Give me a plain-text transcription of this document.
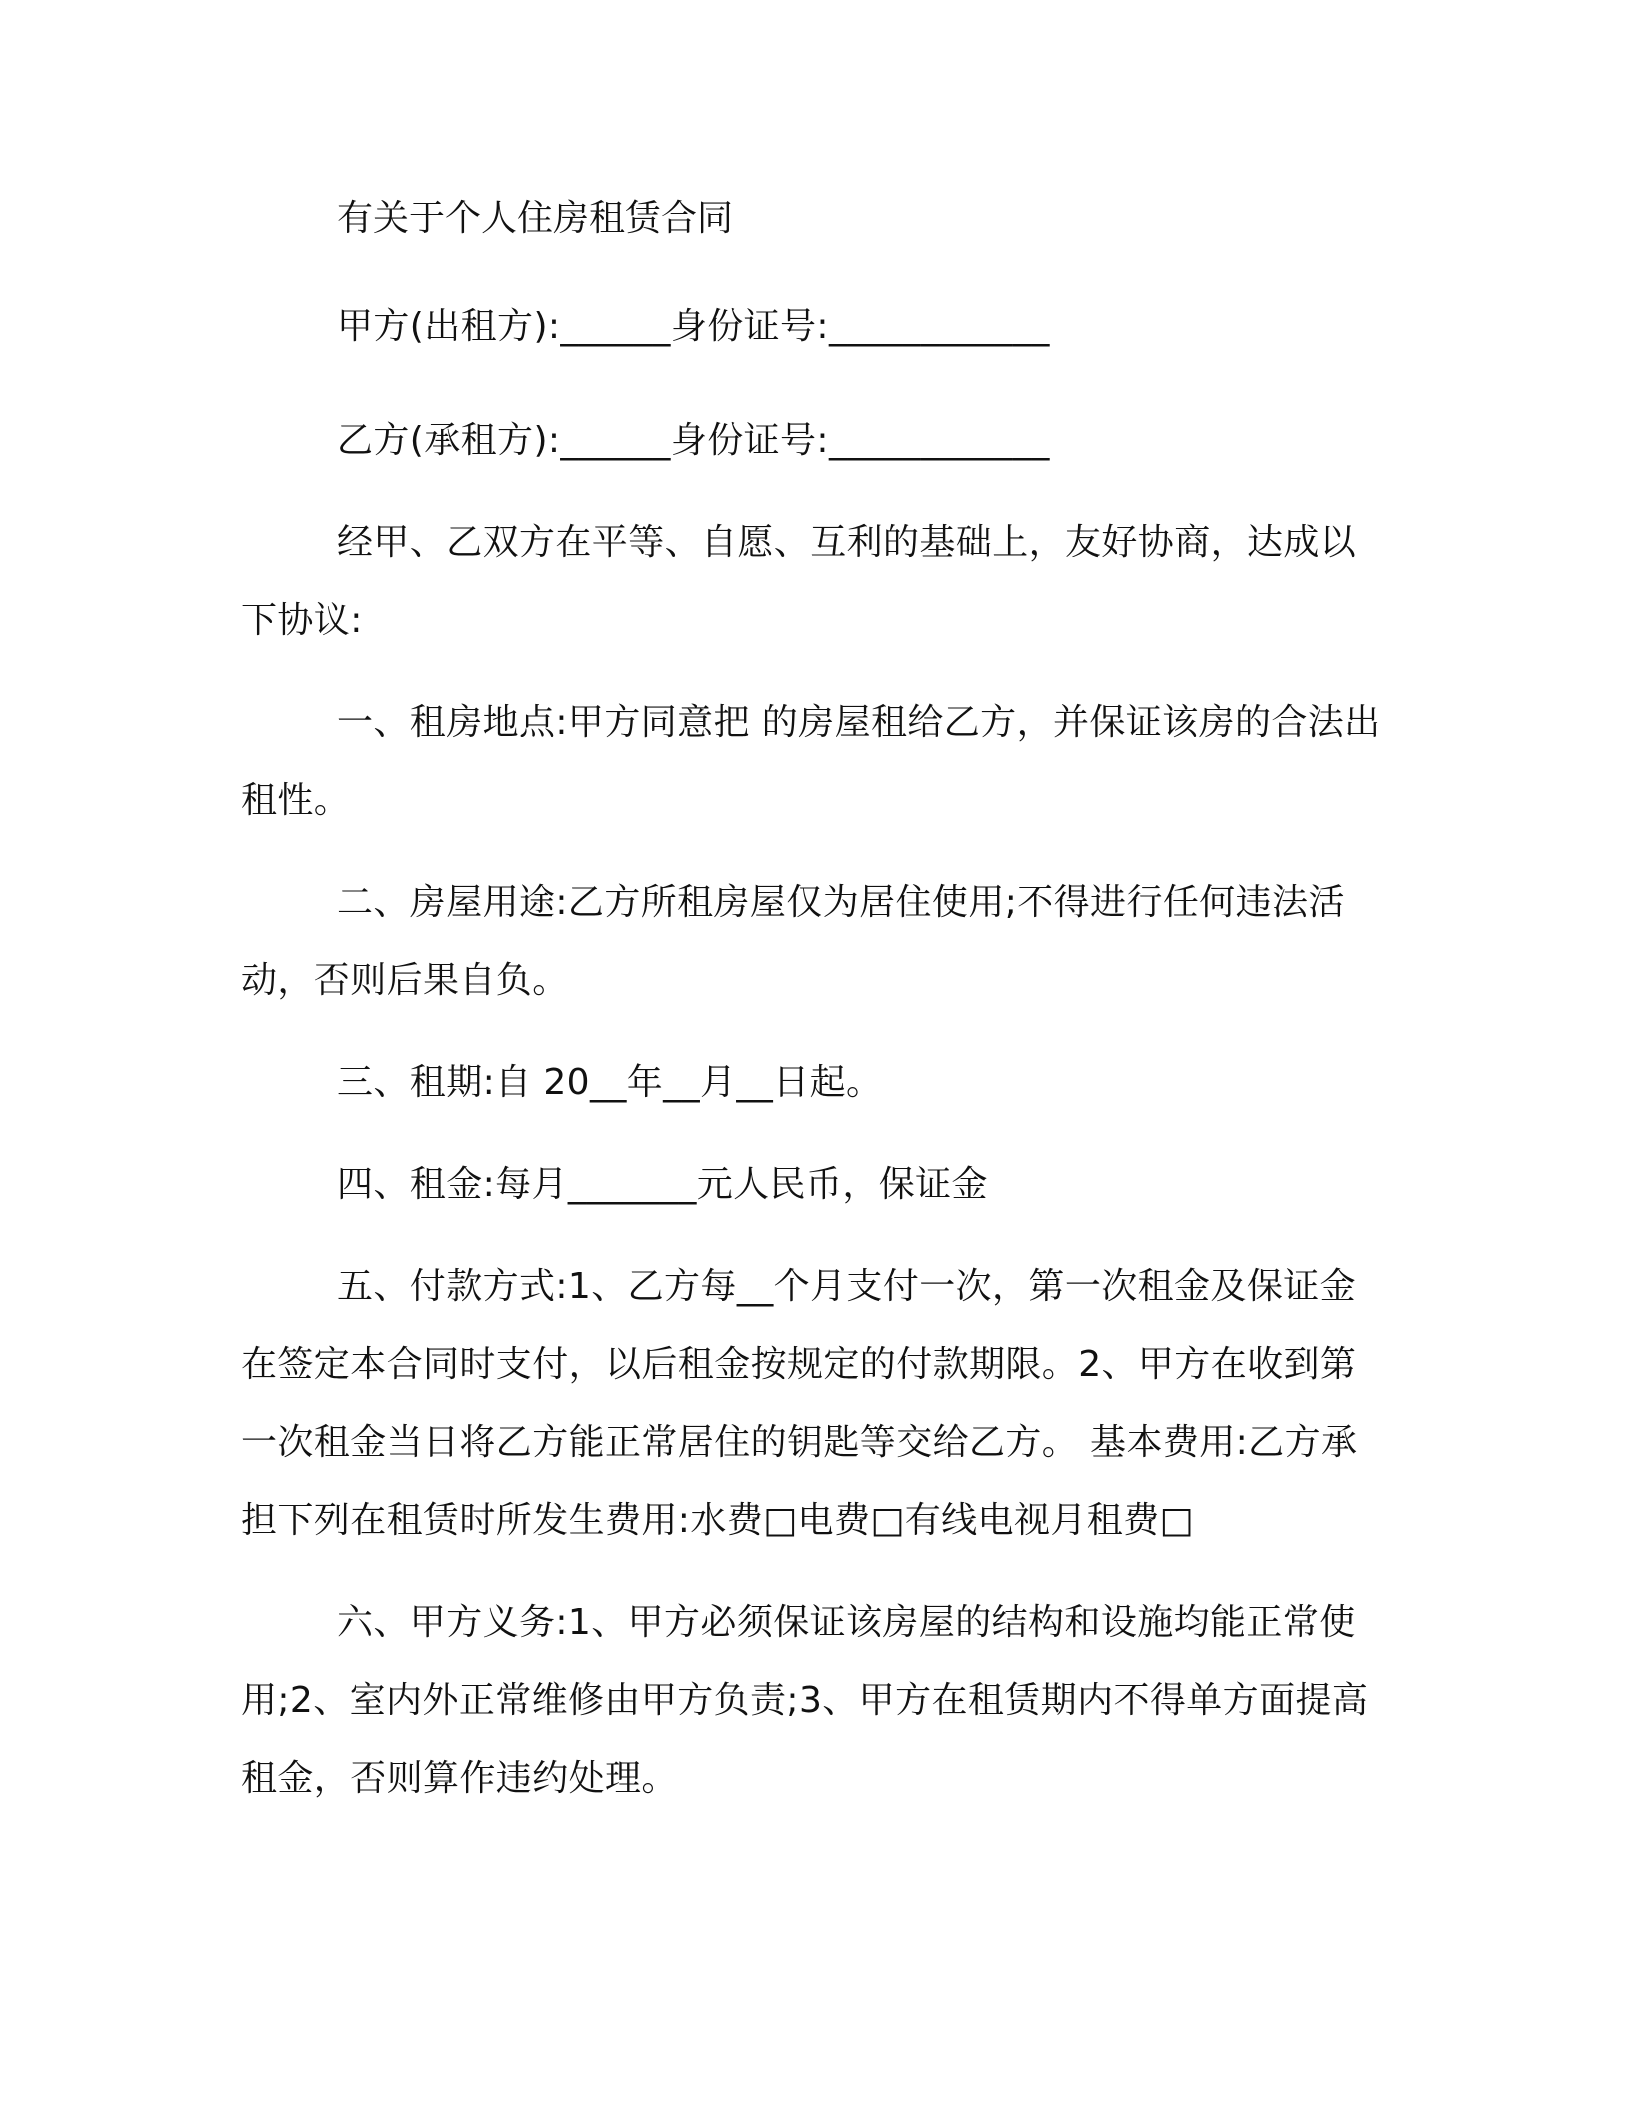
有关于个人住房租赁合同

甲方(出租方):______身份证号:____________

乙方(承租方):______身份证号:____________

经甲、乙双方在平等、自愿、互利的基础上，友好协商，达成以下协议:

一、租房地点:甲方同意把 的房屋租给乙方，并保证该房的合法出租性。

二、房屋用途:乙方所租房屋仅为居住使用;不得进行任何违法活动，否则后果自负。

三、租期:自 20__年__月__日起。

四、租金:每月_______元人民币，保证金

五、付款方式:1、乙方每__个月支付一次，第一次租金及保证金在签定本合同时支付，以后租金按规定的付款期限。2、甲方在收到第一次租金当日将乙方能正常居住的钥匙等交给乙方。 基本费用:乙方承担下列在租赁时所发生费用:水费□电费□有线电视月租费□

六、甲方义务:1、甲方必须保证该房屋的结构和设施均能正常使用;2、室内外正常维修由甲方负责;3、甲方在租赁期内不得单方面提高租金，否则算作违约处理。
